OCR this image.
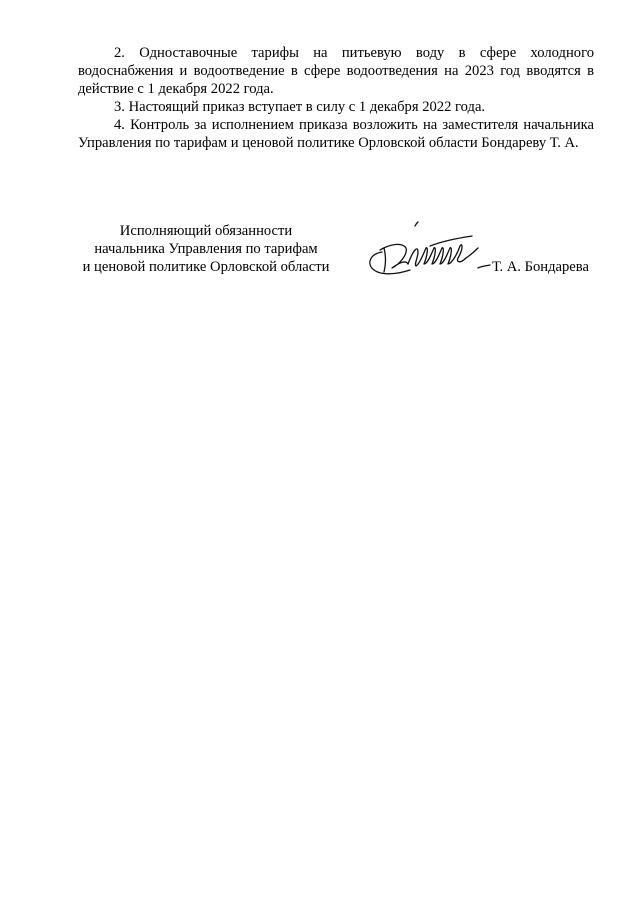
2. Одноставочные тарифы на питьевую воду в сфере холодного водоснабжения и водоотведение в сфере водоотведения на 2023 год вводятся в действие с 1 декабря 2022 года.

3. Настоящий приказ вступает в силу с 1 декабря 2022 года.

4. Контроль за исполнением приказа возложить на заместителя начальника Управления по тарифам и ценовой политике Орловской области Бондареву Т. А.

Исполняющий обязанности
начальника Управления по тарифам
и ценовой политике Орловской области	Т. А. Бондарева
